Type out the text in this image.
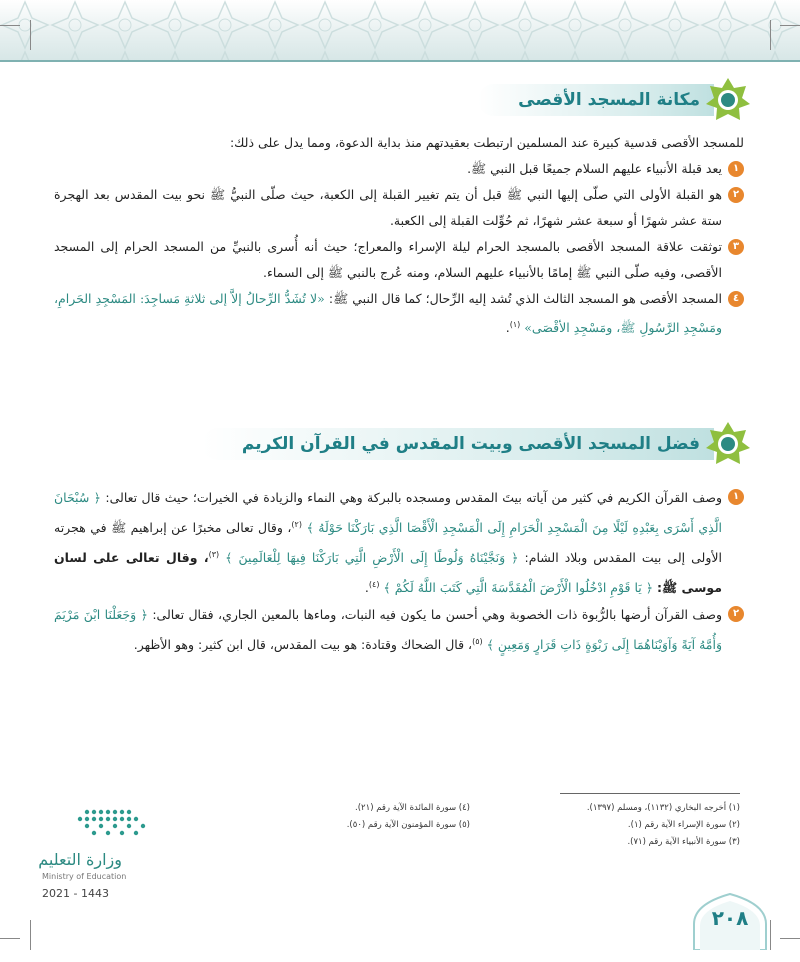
مكانة المسجد الأقصى

للمسجد الأقصى قدسية كبيرة عند المسلمين ارتبطت بعقيدتهم منذ بداية الدعوة، ومما يدل على ذلك:

١
يعد قبلة الأنبياء عليهم السلام جميعًا قبل النبي ﷺ.
٢
هو القبلة الأولى التي صلّى إليها النبي ﷺ قبل أن يتم تغيير القبلة إلى الكعبة، حيث صلّى النبيُّ ﷺ نحو بيت المقدس بعد الهجرة ستة عشر شهرًا أو سبعة عشر شهرًا، ثم حُوِّلت القبلة إلى الكعبة.
٣
توثقت علاقة المسجد الأقصى بالمسجد الحرام ليلة الإسراء والمعراج؛ حيث أنه أُسرى بالنبيِّ من المسجد الحرام إلى المسجد الأقصى، وفيه صلّى النبي ﷺ إمامًا بالأنبياء عليهم السلام، ومنه عُرج بالنبي ﷺ إلى السماء.
٤
المسجد الأقصى هو المسجد الثالث الذي تُشد إليه الرِّحال؛ كما قال النبي ﷺ: «لا تُشَدُّ الرِّحالُ إلاَّ إلى ثلاثةِ مَساجِدَ: المَسْجِدِ الحَرامِ، ومَسْجِدِ الرَّسُولِ ﷺ، ومَسْجِدِ الأقْصَى» $^{(١)}$.
فضل المسجد الأقصى وبيت المقدس في القرآن الكريم
١
وصف القرآن الكريم في كثير من آياته بيتَ المقدس ومسجده بالبركة وهي النماء والزيادة في الخيرات؛ حيث قال تعالى: ﴿ سُبْحَانَ الَّذِي أَسْرَى بِعَبْدِهِ لَيْلًا مِنَ الْمَسْجِدِ الْحَرَامِ إِلَى الْمَسْجِدِ الْأَقْصَا الَّذِي بَارَكْنَا حَوْلَهُ ﴾ $^{(٢)}$، وقال تعالى مخبرًا عن إبراهيم ﷺ في هجرته الأولى إلى بيت المقدس وبلاد الشام: ﴿ وَنَجَّيْنَاهُ وَلُوطًا إِلَى الْأَرْضِ الَّتِي بَارَكْنَا فِيهَا لِلْعَالَمِينَ ﴾ $^{(٣)}$، وقال تعالى على لسان موسى ﷺ: ﴿ يَا قَوْمِ ادْخُلُوا الْأَرْضَ الْمُقَدَّسَةَ الَّتِي كَتَبَ اللَّهُ لَكُمْ ﴾ $^{(٤)}$.
٢
وصف القرآن أرضها بالرُّبوة ذات الخصوبة وهي أحسن ما يكون فيه النبات، وماءها بالمعين الجاري، فقال تعالى: ﴿ وَجَعَلْنَا ابْنَ مَرْيَمَ وَأُمَّهُ آيَةً وَآوَيْنَاهُمَا إِلَى رَبْوَةٍ ذَاتِ قَرَارٍ وَمَعِينٍ ﴾ $^{(٥)}$، قال الضحاك وقتادة: هو بيت المقدس، قال ابن كثير: وهو الأظهر.
(١) أخرجه البخاري (١١٣٢)، ومسلم (١٣٩٧).
(٢) سورة الإسراء الآية رقم (١).
(٣) سورة الأنبياء الآية رقم (٧١).
(٤) سورة المائدة الآية رقم (٢١).
(٥) سورة المؤمنون الآية رقم (٥٠).
وزارة التعليم
Ministry of Education
2021 - 1443
٢٠٨
